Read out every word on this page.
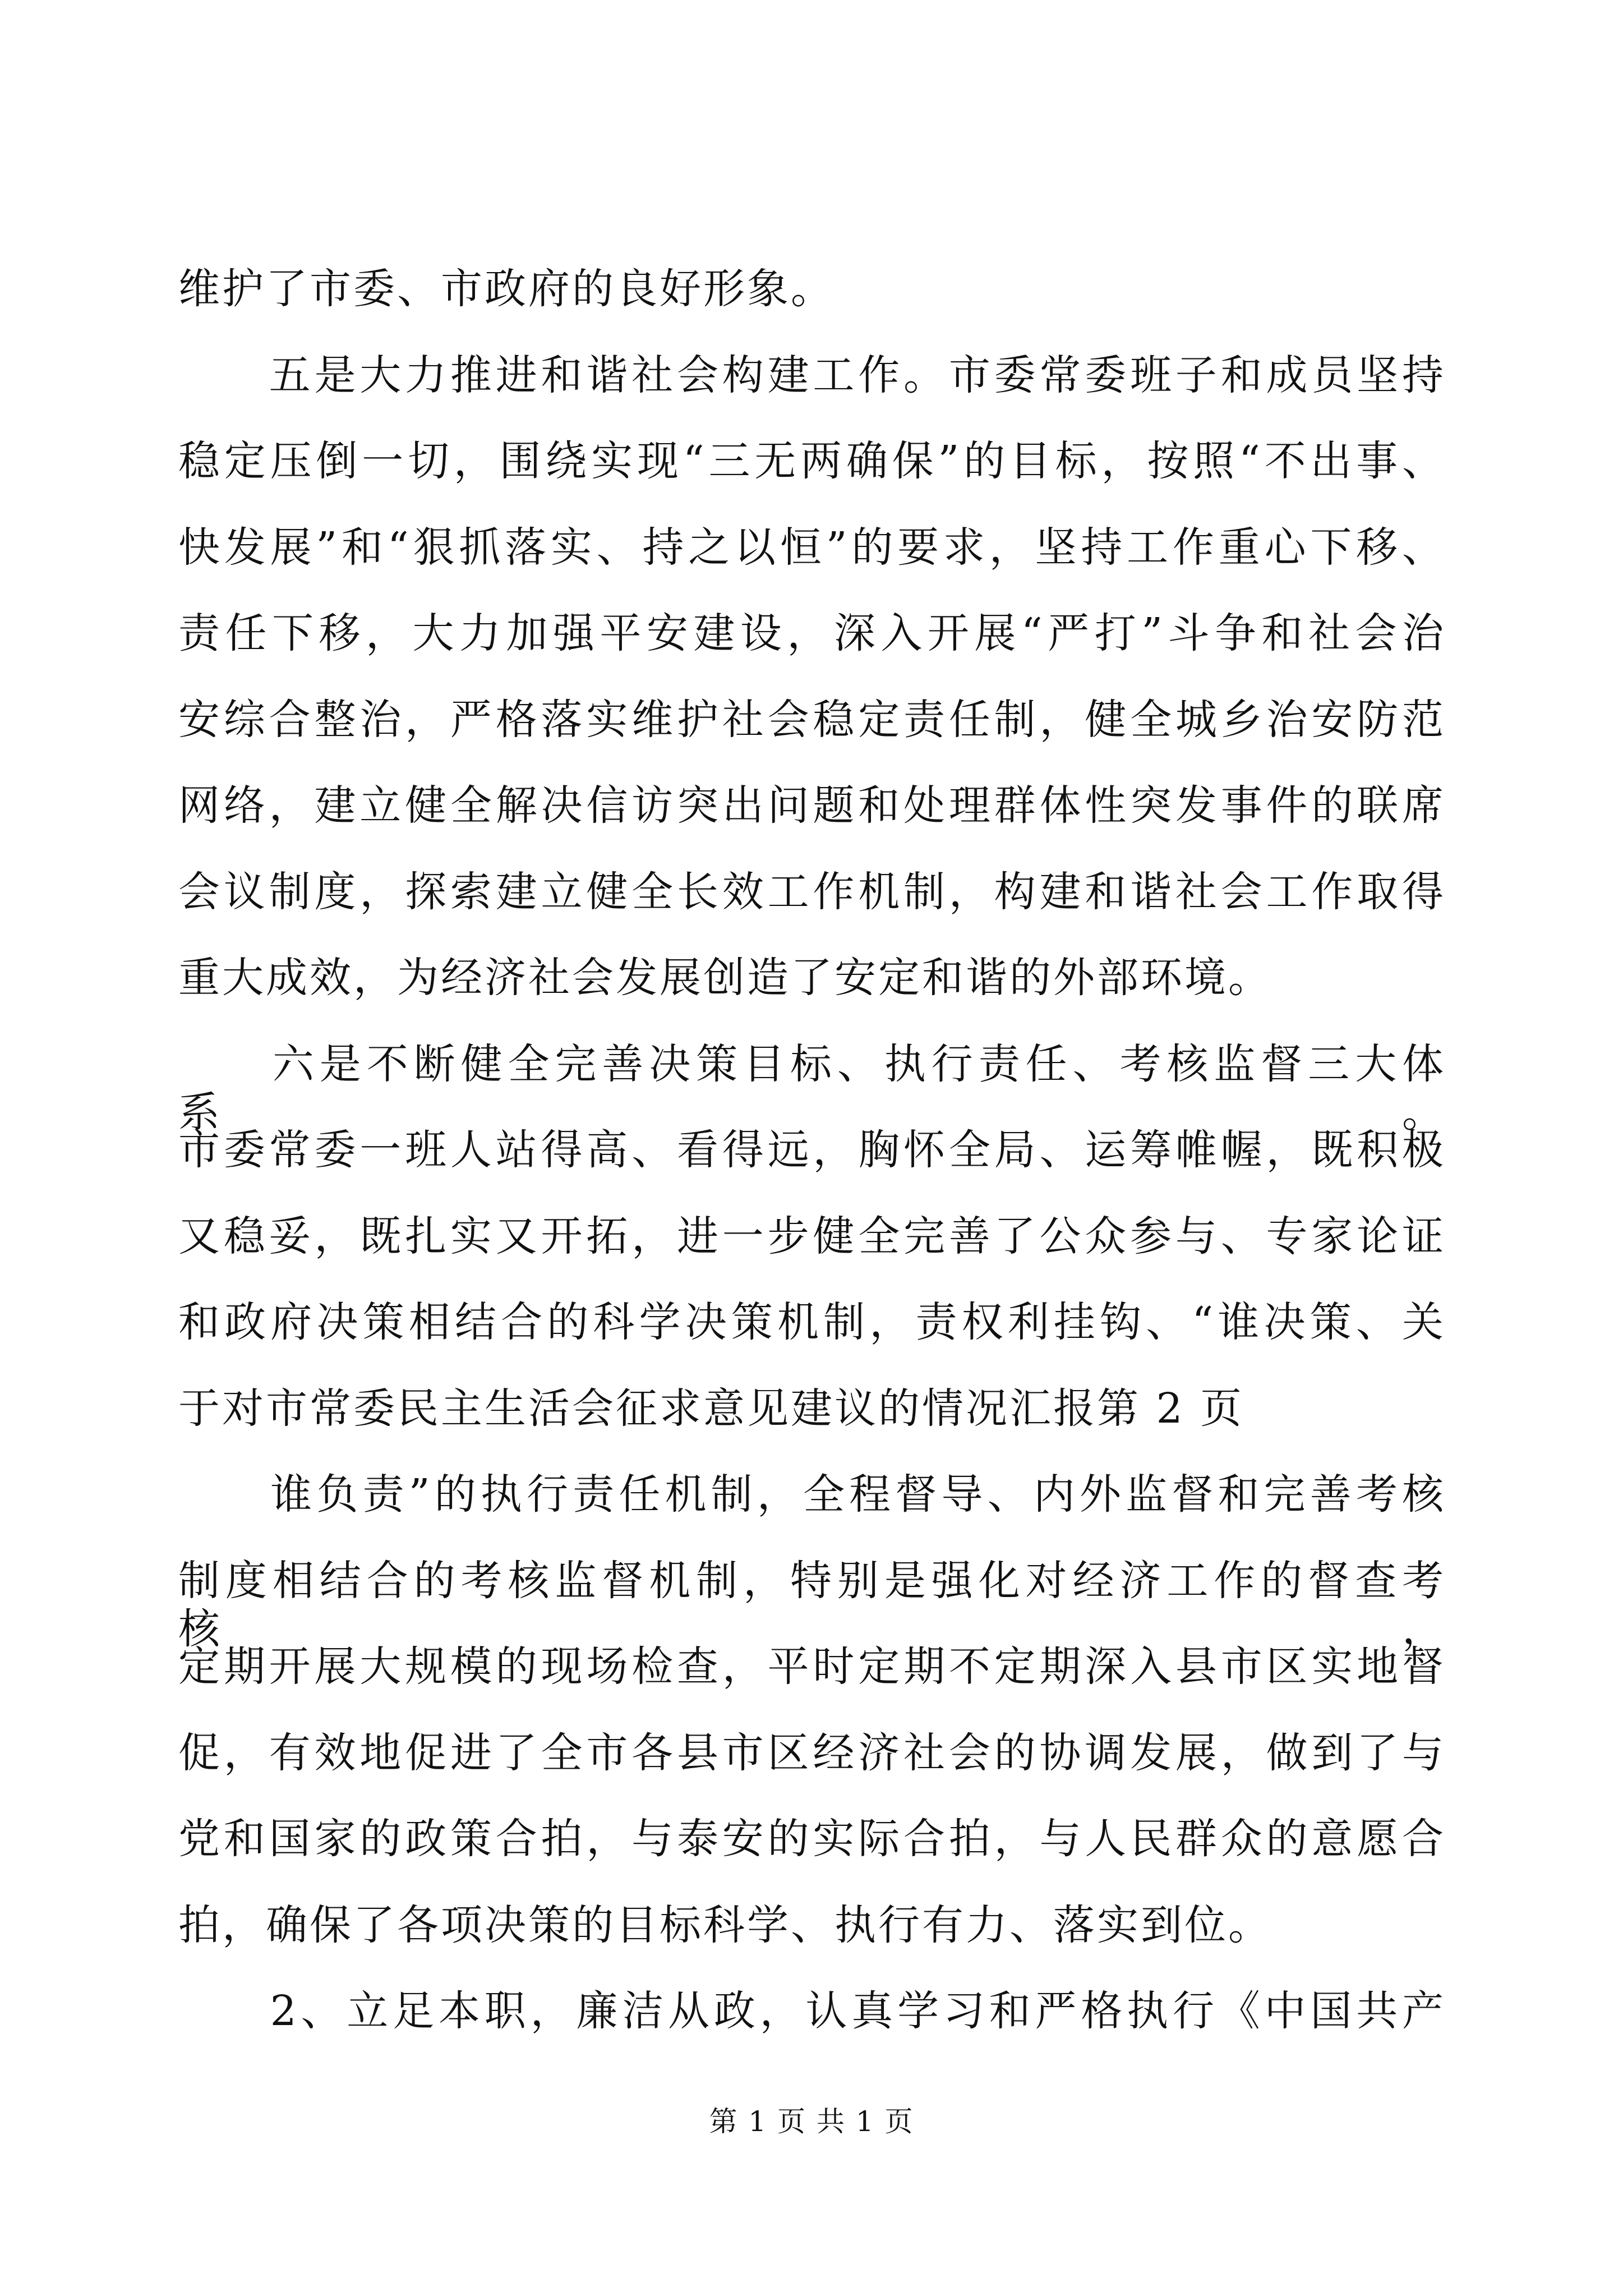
维护了市委、市政府的良好形象。
　　五是大力推进和谐社会构建工作。市委常委班子和成员坚持
稳定压倒一切，围绕实现“三无两确保”的目标，按照“不出事、
快发展”和“狠抓落实、持之以恒”的要求，坚持工作重心下移、
责任下移，大力加强平安建设，深入开展“严打”斗争和社会治
安综合整治，严格落实维护社会稳定责任制，健全城乡治安防范
网络，建立健全解决信访突出问题和处理群体性突发事件的联席
会议制度，探索建立健全长效工作机制，构建和谐社会工作取得
重大成效，为经济社会发展创造了安定和谐的外部环境。
　　六是不断健全完善决策目标、执行责任、考核监督三大体系。
市委常委一班人站得高、看得远，胸怀全局、运筹帷幄，既积极
又稳妥，既扎实又开拓，进一步健全完善了公众参与、专家论证
和政府决策相结合的科学决策机制，责权利挂钩、“谁决策、关
于对市常委民主生活会征求意见建议的情况汇报第 2 页
　　谁负责”的执行责任机制，全程督导、内外监督和完善考核
制度相结合的考核监督机制，特别是强化对经济工作的督查考核，
定期开展大规模的现场检查，平时定期不定期深入县市区实地督
促，有效地促进了全市各县市区经济社会的协调发展，做到了与
党和国家的政策合拍，与泰安的实际合拍，与人民群众的意愿合
拍，确保了各项决策的目标科学、执行有力、落实到位。
　　2、立足本职，廉洁从政，认真学习和严格执行《中国共产
第 1 页 共 1 页
